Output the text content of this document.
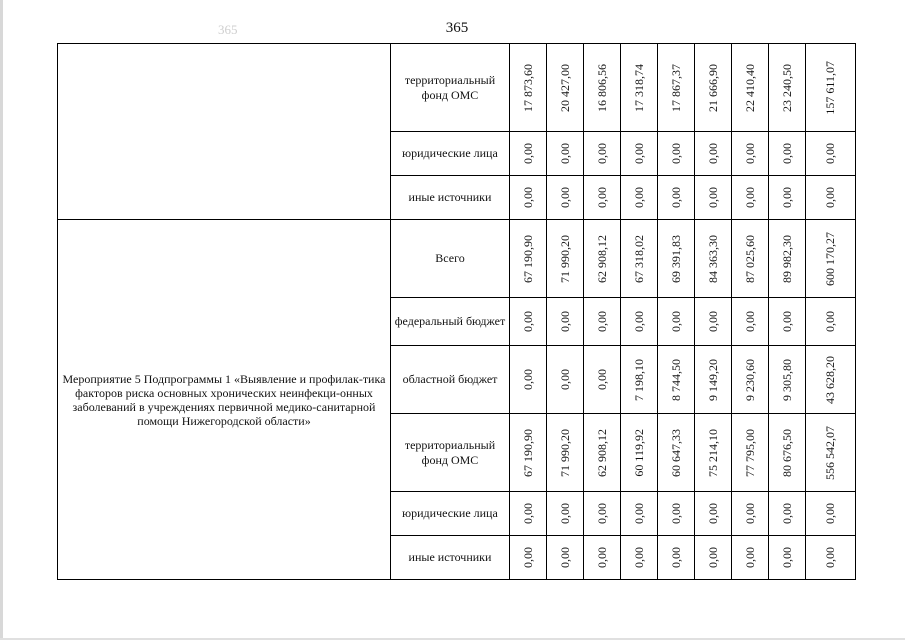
365	365
	территориальный фонд ОМС	17 873,60	20 427,00	16 806,56	17 318,74	17 867,37	21 666,90	22 410,40	23 240,50	157 611,07

	юридические лица	0,00	0,00	0,00	0,00	0,00	0,00	0,00	0,00	0,00

	иные источники	0,00	0,00	0,00	0,00	0,00	0,00	0,00	0,00	0,00

Мероприятие 5 Подпрограммы 1 «Выявление и профилак-тика факторов риска основных хронических неинфекци-онных заболеваний в учреждениях первичной медико-санитарной помощи Нижегородской области»	Всего	67 190,90	71 990,20	62 908,12	67 318,02	69 391,83	84 363,30	87 025,60	89 982,30	600 170,27

	федеральный бюджет	0,00	0,00	0,00	0,00	0,00	0,00	0,00	0,00	0,00

	областной бюджет	0,00	0,00	0,00	7 198,10	8 744,50	9 149,20	9 230,60	9 305,80	43 628,20

	территориальный фонд ОМС	67 190,90	71 990,20	62 908,12	60 119,92	60 647,33	75 214,10	77 795,00	80 676,50	556 542,07

	юридические лица	0,00	0,00	0,00	0,00	0,00	0,00	0,00	0,00	0,00

	иные источники	0,00	0,00	0,00	0,00	0,00	0,00	0,00	0,00	0,00
